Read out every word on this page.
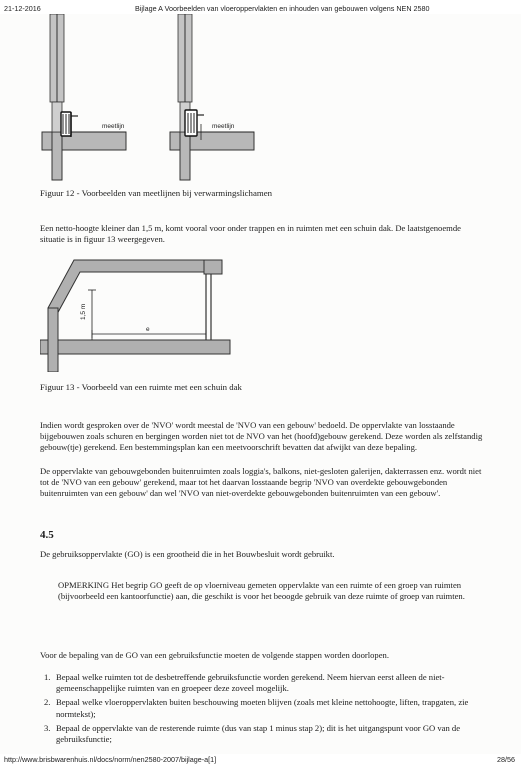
21-12-2016	Bijlage A Voorbeelden van vloeroppervlakten en inhouden van gebouwen volgens NEN 2580
meetlijn	meetlijn
Figuur 12 - Voorbeelden van meetlijnen bij verwarmingslichamen
Een netto-hoogte kleiner dan 1,5 m, komt vooral voor onder trappen en in ruimten met een schuin dak. De laatstgenoemde situatie is in figuur 13 weergegeven.
1,5 m
e
Figuur 13 - Voorbeeld van een ruimte met een schuin dak
Indien wordt gesproken over de 'NVO' wordt meestal de 'NVO van een gebouw' bedoeld. De oppervlakte van losstaande bijgebouwen zoals schuren en bergingen worden niet tot de NVO van het (hoofd)gebouw gerekend. Deze worden als zelfstandig gebouw(tje) gerekend. Een bestemmingsplan kan een meetvoorschrift bevatten dat afwijkt van deze bepaling.
De oppervlakte van gebouwgebonden buitenruimten zoals loggia's, balkons, niet-gesloten galerijen, dakterrassen enz. wordt niet tot de 'NVO van een gebouw' gerekend, maar tot het daarvan losstaande begrip 'NVO van overdekte gebouwgebonden buitenruimten van een gebouw' dan wel 'NVO van niet-overdekte gebouwgebonden buitenruimten van een gebouw'.
4.5
De gebruiksoppervlakte (GO) is een grootheid die in het Bouwbesluit wordt gebruikt.
OPMERKING Het begrip GO geeft de op vloerniveau gemeten oppervlakte van een ruimte of een groep van ruimten (bijvoorbeeld een kantoorfunctie) aan, die geschikt is voor het beoogde gebruik van deze ruimte of groep van ruimten.
Voor de bepaling van de GO van een gebruiksfunctie moeten de volgende stappen worden doorlopen.
1. Bepaal welke ruimten tot de desbetreffende gebruiksfunctie worden gerekend. Neem hiervan eerst alleen de niet-gemeenschappelijke ruimten van en groepeer deze zoveel mogelijk.
2. Bepaal welke vloeroppervlakten buiten beschouwing moeten blijven (zoals met kleine nettohoogte, liften, trapgaten, zie normtekst);
3. Bepaal de oppervlakte van de resterende ruimte (dus van stap 1 minus stap 2); dit is het uitgangspunt voor GO van de gebruiksfunctie;
http://www.brisbwarenhuis.nl/docs/norm/nen2580-2007/bijlage-a[1]	28/56
